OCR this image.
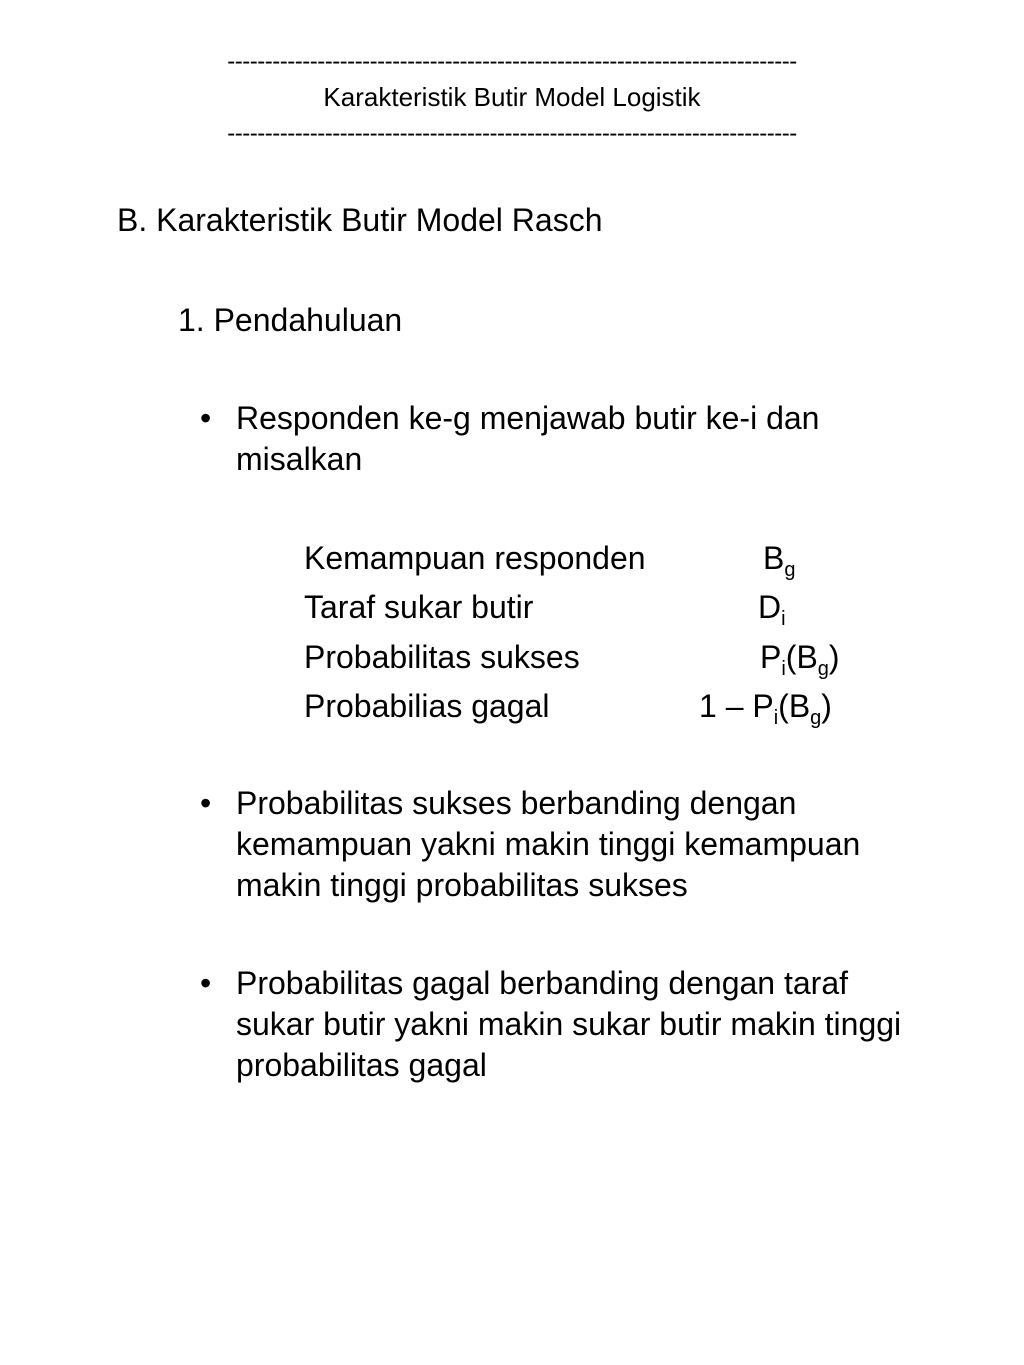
----------------------------------------------------------------------------
Karakteristik Butir Model Logistik
----------------------------------------------------------------------------
B. Karakteristik Butir Model Rasch
1. Pendahuluan
• Responden ke-g menjawab butir ke-i dan
misalkan
Kemampuan responden	$B_g$
Taraf sukar butir	$D_i$
Probabilitas sukses	$P_i(B_g)$
Probabilias gagal	$1 - P_i(B_g)$
• Probabilitas sukses berbanding dengan
kemampuan yakni makin tinggi kemampuan
makin tinggi probabilitas sukses
• Probabilitas gagal berbanding dengan taraf
sukar butir yakni makin sukar butir makin tinggi
probabilitas gagal
